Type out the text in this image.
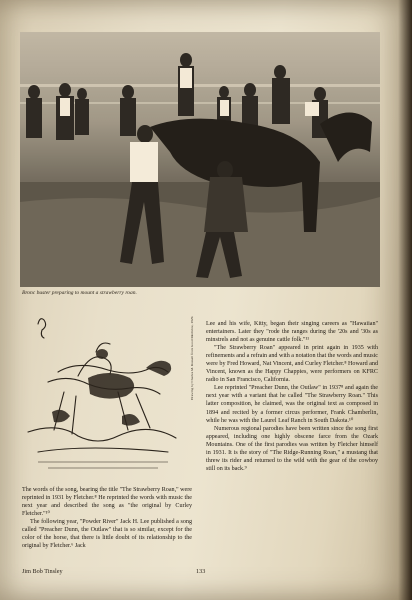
Bronc buster preparing to mount a strawberry roan.
Drawing by Charles M. Russell from Good Medicine, 1929.

The words of the song, bearing the title "The Strawberry Roan," were reprinted in 1931 by Fletcher.⁸ He reprinted the words with music the next year and described the song as "the original by Curley Fletcher."¹⁰

The following year, "Powder River" Jack H. Lee published a song called "Preacher Dunn, the Outlaw" that is so similar, except for the color of the horse, that there is little doubt of its relationship to the original by Fletcher.⁶ Jack

Lee and his wife, Kitty, began their singing careers as "Hawaiian" entertainers. Later they "rode the ranges during the '20s and '30s as minstrels and not as genuine cattle folk."¹¹

"The Strawberry Roan" appeared in print again in 1935 with refinements and a refrain and with a notation that the words and music were by Fred Howard, Nat Vincent, and Curley Fletcher.⁸ Howard and Vincent, known as the Happy Chappies, were performers on KFRC radio in San Francisco, California.

Lee reprinted "Preacher Dunn, the Outlaw" in 1937⁸ and again the next year with a variant that he called "The Strawberry Roan." This latter composition, he claimed, was the original text as composed in 1894 and recited by a former circus performer, Frank Chamberlin, while he was with the Laurel Leaf Ranch in South Dakota.¹⁰

Numerous regional parodies have been written since the song first appeared, including one highly obscene farce from the Ozark Mountains. One of the first parodies was written by Fletcher himself in 1931. It is the story of "The Ridge-Running Roan," a mustang that threw its rider and returned to the wild with the gear of the cowboy still on its back.⁹

Jim Bob Tinsley	133
